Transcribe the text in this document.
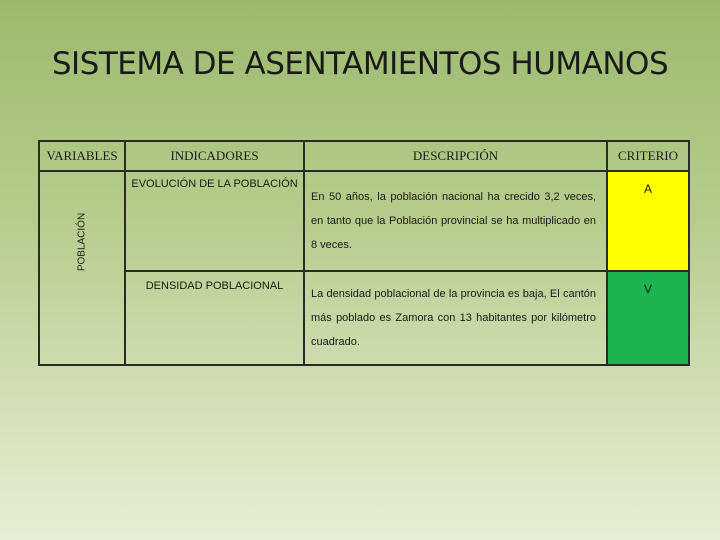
SISTEMA DE ASENTAMIENTOS HUMANOS
VARIABLES	INDICADORES	DESCRIPCIÓN	CRITERIO

POBLACIÓN	EVOLUCIÓN DE LA POBLACIÓN	En 50 años, la población nacional ha crecido 3,2 veces, en tanto que la Población provincial se ha multiplicado en 8 veces.	A
	DENSIDAD POBLACIONAL	La densidad poblacional de la provincia es baja, El cantón más poblado es Zamora con 13 habitantes por kilómetro cuadrado.	V
